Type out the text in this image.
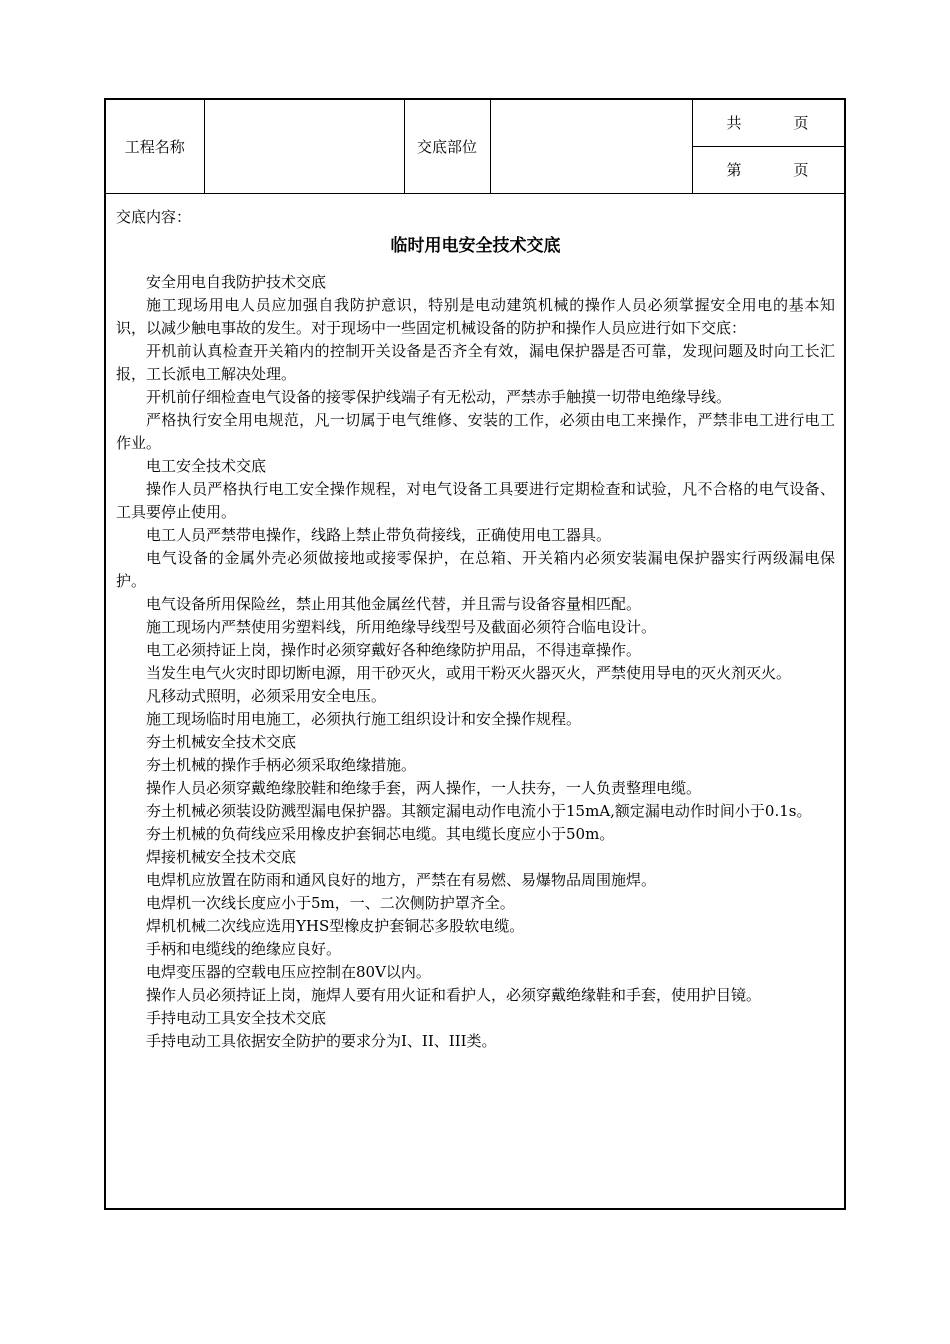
工程名称		交底部位		共	页
第	页

交底内容：

临时用电安全技术交底

安全用电自我防护技术交底

施工现场用电人员应加强自我防护意识，特别是电动建筑机械的操作人员必须掌握安全用电的基本知识，以减少触电事故的发生。对于现场中一些固定机械设备的防护和操作人员应进行如下交底：

开机前认真检查开关箱内的控制开关设备是否齐全有效，漏电保护器是否可靠，发现问题及时向工长汇报，工长派电工解决处理。

开机前仔细检查电气设备的接零保护线端子有无松动，严禁赤手触摸一切带电绝缘导线。

严格执行安全用电规范，凡一切属于电气维修、安装的工作，必须由电工来操作，严禁非电工进行电工作业。

电工安全技术交底

操作人员严格执行电工安全操作规程，对电气设备工具要进行定期检查和试验，凡不合格的电气设备、工具要停止使用。

电工人员严禁带电操作，线路上禁止带负荷接线，正确使用电工器具。

电气设备的金属外壳必须做接地或接零保护，在总箱、开关箱内必须安装漏电保护器实行两级漏电保护。

电气设备所用保险丝，禁止用其他金属丝代替，并且需与设备容量相匹配。

施工现场内严禁使用劣塑料线，所用绝缘导线型号及截面必须符合临电设计。

电工必须持证上岗，操作时必须穿戴好各种绝缘防护用品，不得违章操作。

当发生电气火灾时即切断电源，用干砂灭火，或用干粉灭火器灭火，严禁使用导电的灭火剂灭火。

凡移动式照明，必须采用安全电压。

施工现场临时用电施工，必须执行施工组织设计和安全操作规程。

夯土机械安全技术交底

夯土机械的操作手柄必须采取绝缘措施。

操作人员必须穿戴绝缘胶鞋和绝缘手套，两人操作，一人扶夯，一人负责整理电缆。

夯土机械必须装设防溅型漏电保护器。其额定漏电动作电流小于15mA,额定漏电动作时间小于0.1s。

夯土机械的负荷线应采用橡皮护套铜芯电缆。其电缆长度应小于50m。

焊接机械安全技术交底

电焊机应放置在防雨和通风良好的地方，严禁在有易燃、易爆物品周围施焊。

电焊机一次线长度应小于5m，一、二次侧防护罩齐全。

焊机机械二次线应选用YHS型橡皮护套铜芯多股软电缆。

手柄和电缆线的绝缘应良好。

电焊变压器的空载电压应控制在80V以内。

操作人员必须持证上岗，施焊人要有用火证和看护人，必须穿戴绝缘鞋和手套，使用护目镜。

手持电动工具安全技术交底

手持电动工具依据安全防护的要求分为I、II、III类。
